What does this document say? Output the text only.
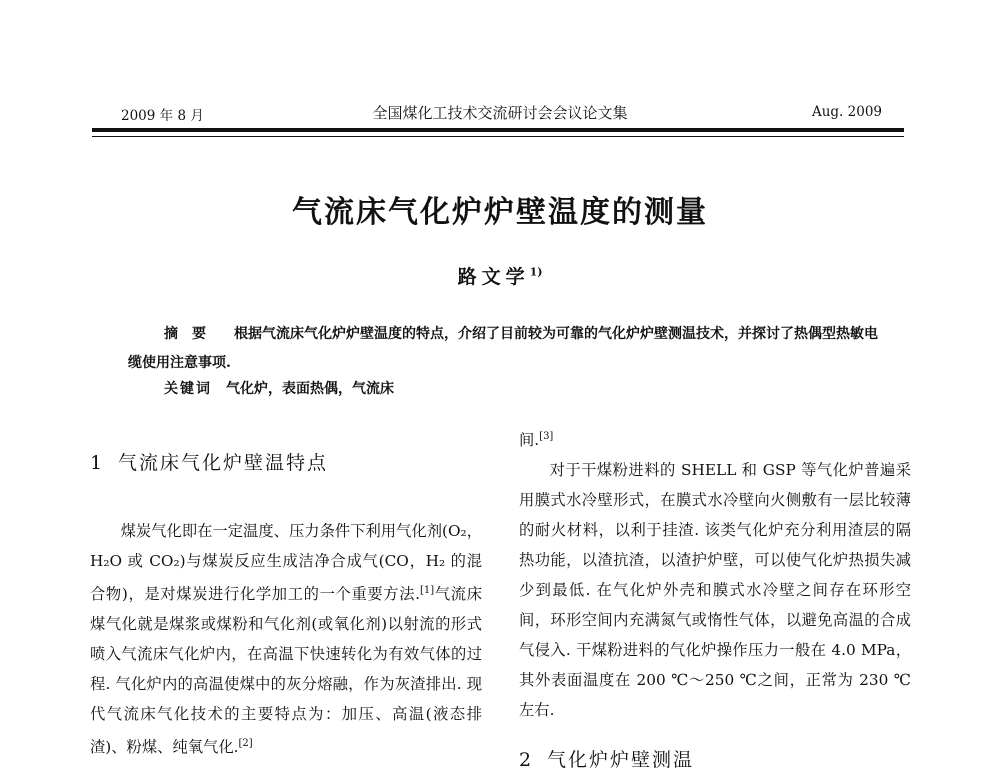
2009 年 8 月	全国煤化工技术交流研讨会会议论文集	Aug. 2009
气流床气化炉炉壁温度的测量
路文学$^{1)}$
摘要 根据气流床气化炉炉壁温度的特点，介绍了目前较为可靠的气化炉炉壁测温技术，并探讨了热偶型热敏电缆使用注意事项.
关键词 气化炉，表面热偶，气流床
1 气流床气化炉壁温特点

煤炭气化即在一定温度、压力条件下利用气化剂(O₂，H₂O 或 CO₂)与煤炭反应生成洁净合成气(CO，H₂ 的混合物)，是对煤炭进行化学加工的一个重要方法.[1]气流床煤气化就是煤浆或煤粉和气化剂(或氧化剂)以射流的形式喷入气流床气化炉内，在高温下快速转化为有效气体的过程. 气化炉内的高温使煤中的灰分熔融，作为灰渣排出. 现代气流床气化技术的主要特点为：加压、高温(液态排渣)、粉煤、纯氧气化.[2]

间.[3]

对于干煤粉进料的 SHELL 和 GSP 等气化炉普遍采用膜式水冷壁形式，在膜式水冷壁向火侧敷有一层比较薄的耐火材料，以利于挂渣. 该类气化炉充分利用渣层的隔热功能，以渣抗渣，以渣护炉壁，可以使气化炉热损失减少到最低. 在气化炉外壳和膜式水冷壁之间存在环形空间，环形空间内充满氮气或惰性气体，以避免高温的合成气侵入. 干煤粉进料的气化炉操作压力一般在 4.0 MPa，其外表面温度在 200 ℃～250 ℃之间，正常为 230 ℃左右.

2 气化炉炉壁测温
